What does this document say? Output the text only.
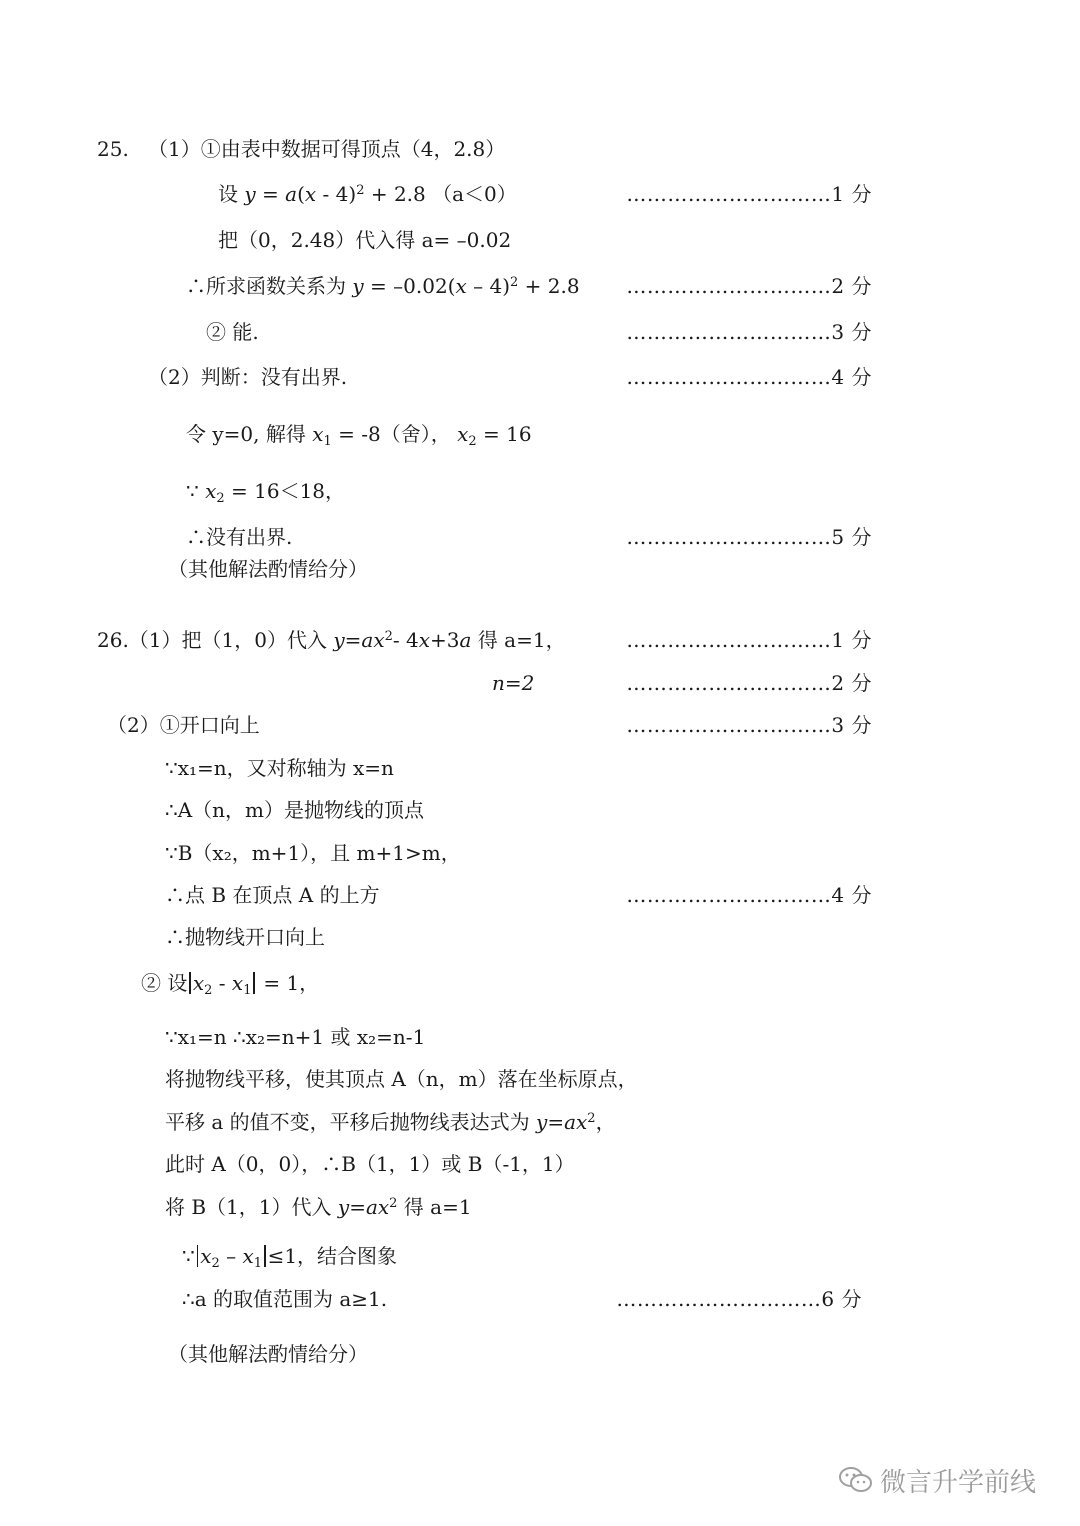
25. （1）①由表中数据可得顶点（4，2.8）
设 y = a(x - 4)$^2$ + 2.8 （a＜0）	…………………………1 分
把（0，2.48）代入得 a= –0.02
∴所求函数关系为 y = –0.02(x – 4)$^2$ + 2.8 …………………………2 分
② 能.	…………………………3 分
（2）判断：没有出界.	…………………………4 分
令 y=0, 解得 $x_1 = -8$（舍）， $x_2 = 16$
∵ $x_2 = 16<18$，
∴没有出界.	…………………………5 分
（其他解法酌情给分）
26.（1）把（1，0）代入 $y=ax^2-$ 4x+3a 得 a=1，	…………………………1 分
n=2	…………………………2 分
（2）①开口向上	…………………………3 分
∵x₁=n，又对称轴为 x=n
∴A（n，m）是抛物线的顶点
∵B（x₂，m+1），且 m+1>m，
∴点 B 在顶点 A 的上方	…………………………4 分
∴抛物线开口向上
② 设 $x_2 - x_1 = 1$，
∵x₁=n ∴x₂=n+1 或 x₂=n-1
将抛物线平移，使其顶点 A（n，m）落在坐标原点，
平移 a 的值不变，平移后抛物线表达式为 $y=ax^2$，
此时 A（0，0），∴B（1，1）或 B（-1，1）
将 B（1，1）代入 $y=ax^2$ 得 a=1
∵ $x_2 - x_1 \le 1$，结合图象
∴a 的取值范围为 a≥1.	…………………………6 分
（其他解法酌情给分）
微言升学前线
